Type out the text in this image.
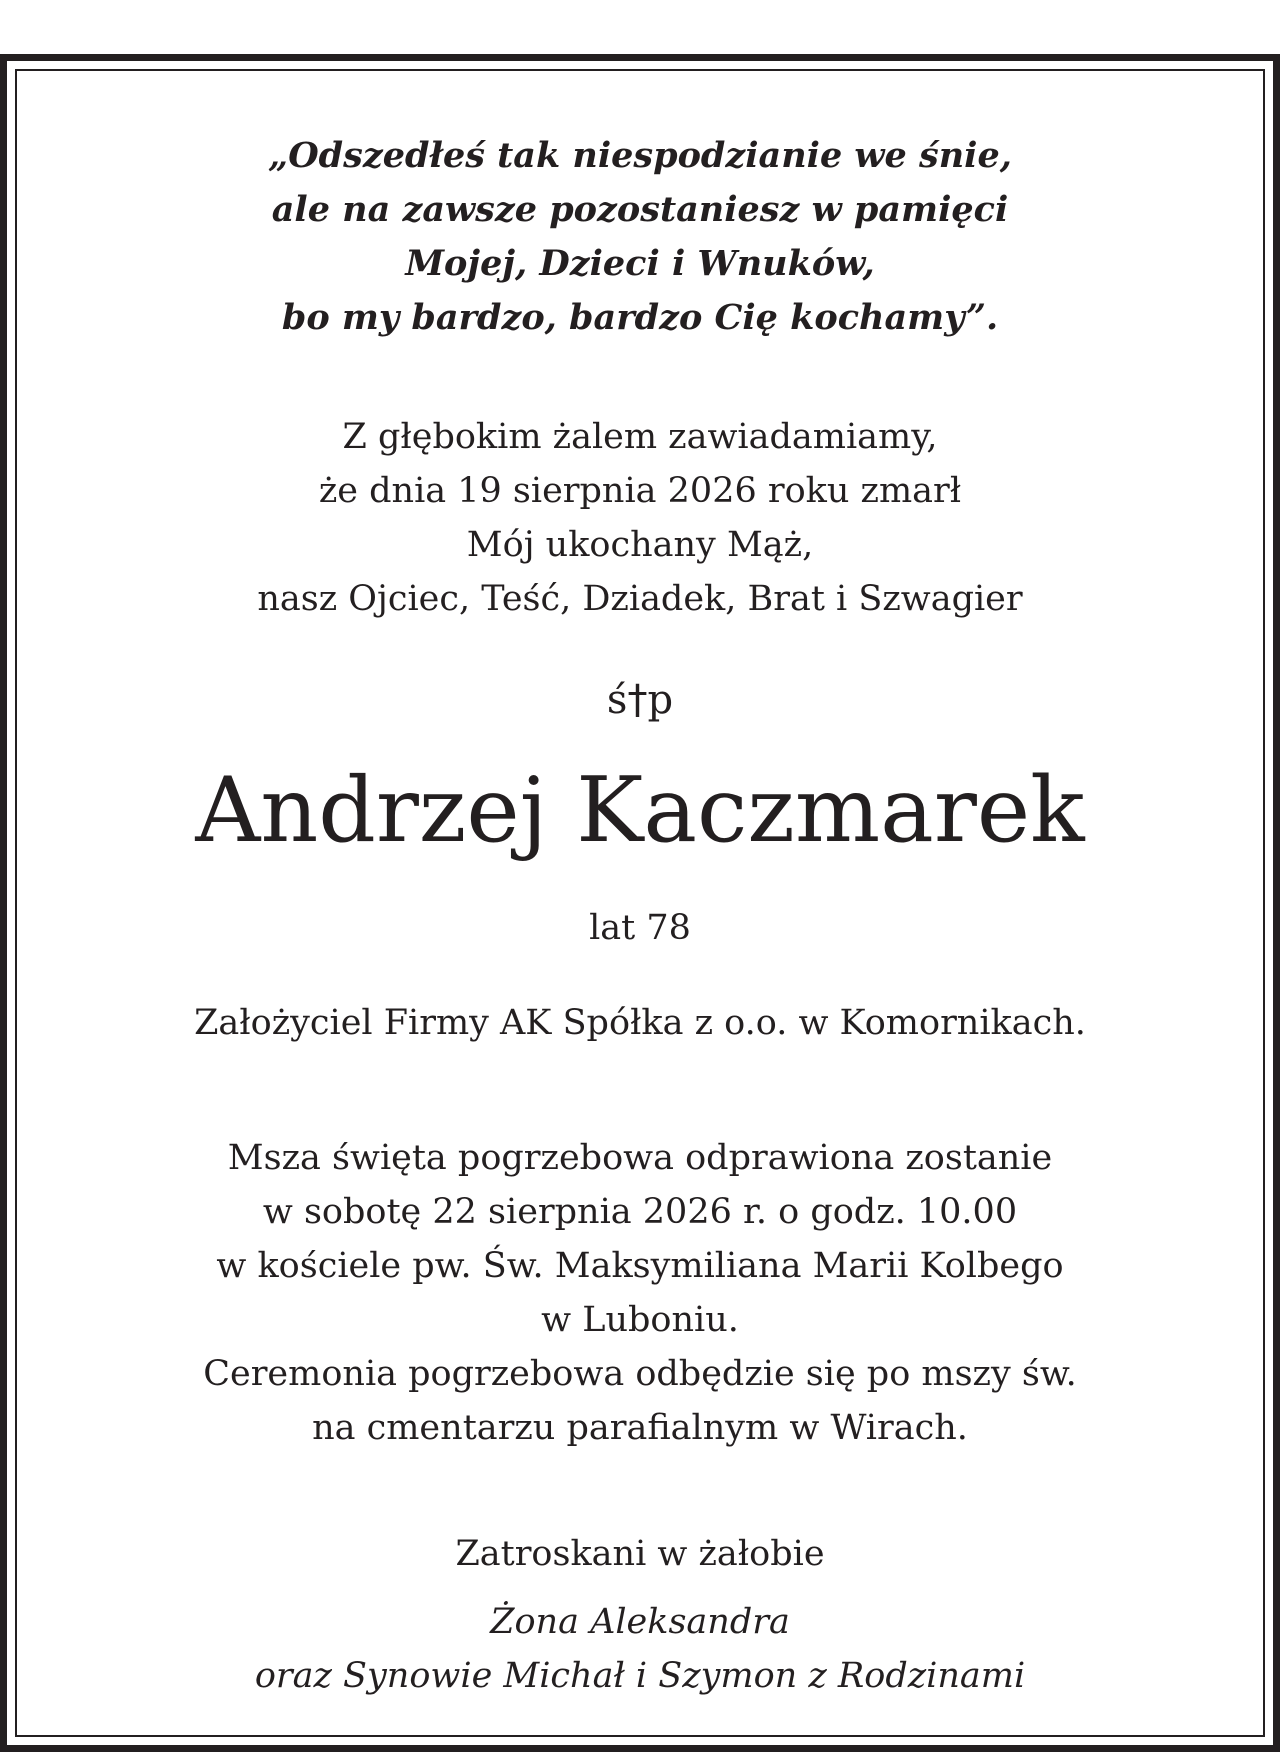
„Odszedłeś tak niespodzianie we śnie,
ale na zawsze pozostaniesz w pamięci
Mojej, Dzieci i Wnuków,
bo my bardzo, bardzo Cię kochamy”.
Z głębokim żalem zawiadamiamy,
że dnia 19 sierpnia 2026 roku zmarł
Mój ukochany Mąż,
nasz Ojciec, Teść, Dziadek, Brat i Szwagier
ś†p
Andrzej Kaczmarek
lat 78
Założyciel Firmy AK Spółka z o.o. w Komornikach.
Msza święta pogrzebowa odprawiona zostanie
w sobotę 22 sierpnia 2026 r. o godz. 10.00
w kościele pw. Św. Maksymiliana Marii Kolbego
w Luboniu.
Ceremonia pogrzebowa odbędzie się po mszy św.
na cmentarzu parafialnym w Wirach.
Zatroskani w żałobie
Żona Aleksandra
oraz Synowie Michał i Szymon z Rodzinami
